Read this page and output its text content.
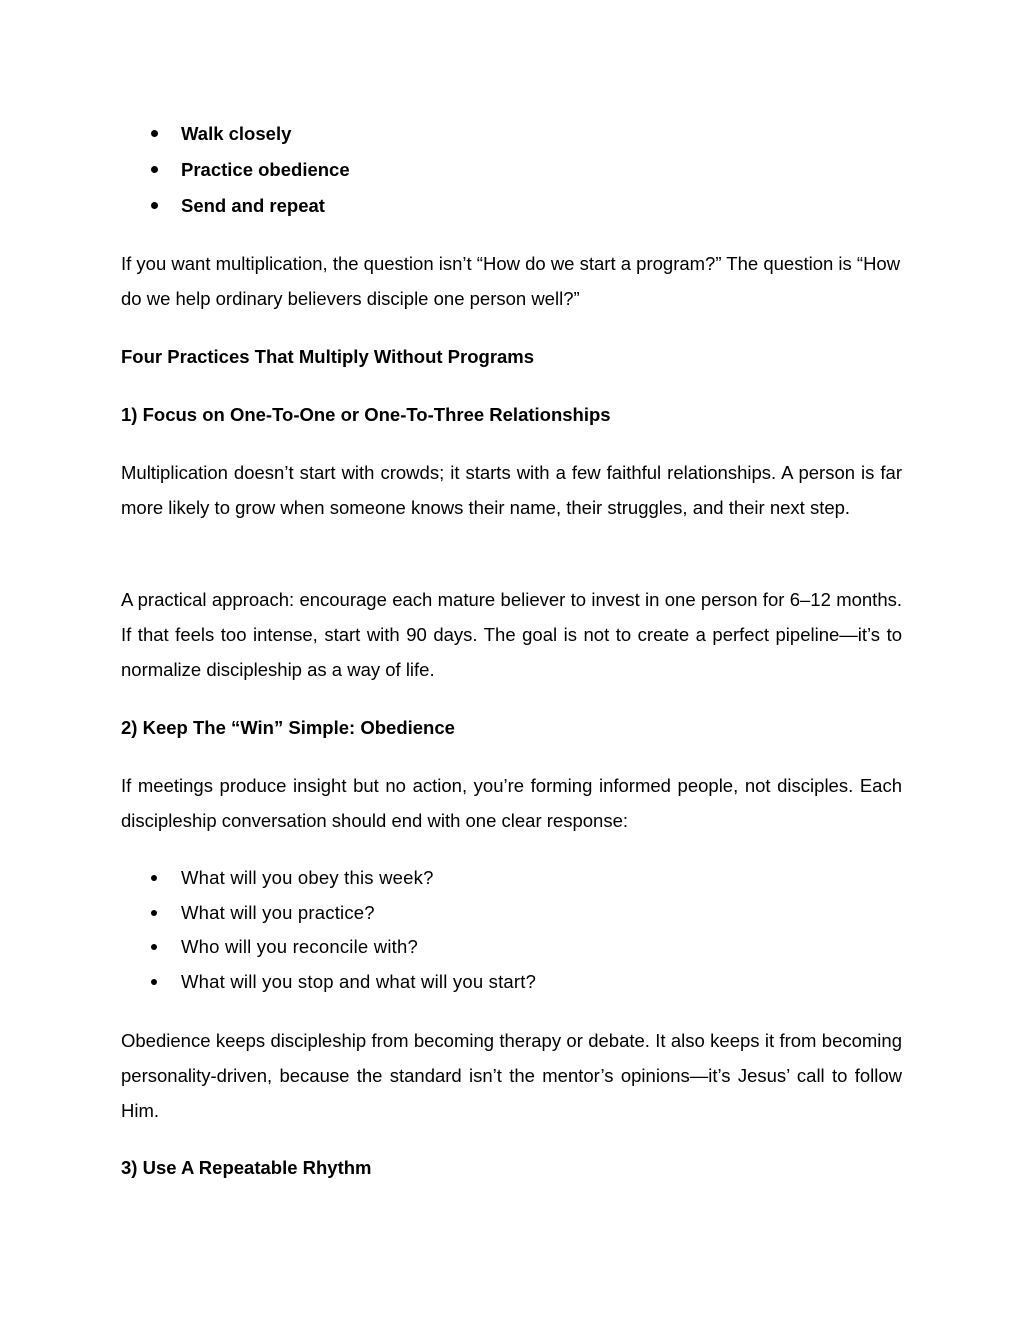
Walk closely
Practice obedience
Send and repeat

If you want multiplication, the question isn’t “How do we start a program?” The question is “How do we help ordinary believers disciple one person well?”

Four Practices That Multiply Without Programs

1) Focus on One-To-One or One-To-Three Relationships

Multiplication doesn’t start with crowds; it starts with a few faithful relationships. A person is far more likely to grow when someone knows their name, their struggles, and their next step.

A practical approach: encourage each mature believer to invest in one person for 6–12 months. If that feels too intense, start with 90 days. The goal is not to create a perfect pipeline—it’s to normalize discipleship as a way of life.

2) Keep The “Win” Simple: Obedience

If meetings produce insight but no action, you’re forming informed people, not disciples. Each discipleship conversation should end with one clear response:

What will you obey this week?
What will you practice?
Who will you reconcile with?
What will you stop and what will you start?

Obedience keeps discipleship from becoming therapy or debate. It also keeps it from becoming personality-driven, because the standard isn’t the mentor’s opinions—it’s Jesus’ call to follow Him.

3) Use A Repeatable Rhythm
